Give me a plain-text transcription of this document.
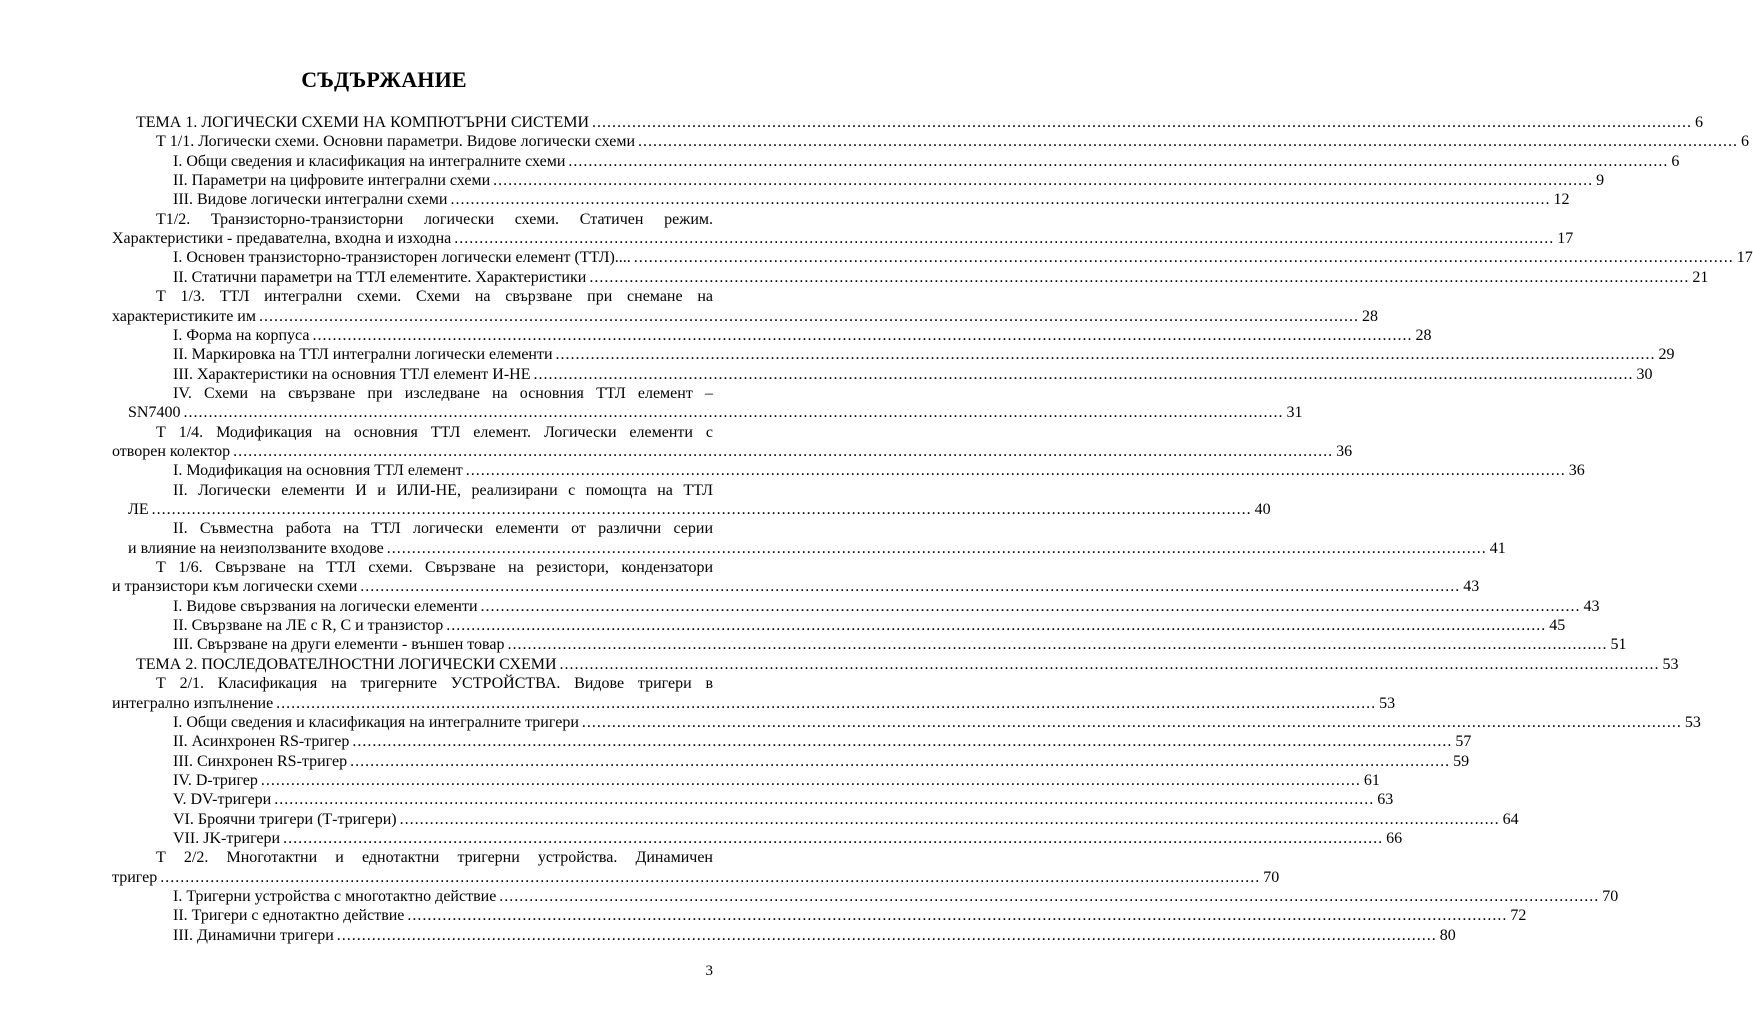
СЪДЪРЖАНИЕ
ТЕМА 1. ЛОГИЧЕСКИ СХЕМИ НА КОМПЮТЪРНИ СИСТЕМИ ............................................................................................................................................................................................................................ 6
Т 1/1. Логически схеми. Основни параметри. Видове логически схеми ............................................................................................................................................................................................................................ 6
I. Общи сведения и класификация на интегралните схеми ............................................................................................................................................................................................................................ 6
II. Параметри на цифровите интегрални схеми ............................................................................................................................................................................................................................ 9
III. Видове логически интегрални схеми ............................................................................................................................................................................................................................ 12
Т1/2. Транзисторно-транзисторни логически схеми. Статичен режим.
Характеристики - предавателна, входна и изходна ............................................................................................................................................................................................................................ 17
I. Основен транзисторно-транзисторен логически елемент (ТТЛ).... ............................................................................................................................................................................................................................ 17
II. Статични параметри на ТТЛ елементите. Характеристики ............................................................................................................................................................................................................................ 21
Т 1/3. ТТЛ интегрални схеми. Схеми на свързване при снемане на
характеристиките им ............................................................................................................................................................................................................................ 28
I. Форма на корпуса ............................................................................................................................................................................................................................ 28
II. Маркировка на ТТЛ интегрални логически елементи ............................................................................................................................................................................................................................ 29
III. Характеристики на основния ТТЛ елемент И-НЕ ............................................................................................................................................................................................................................ 30
IV. Схеми на свързване при изследване на основния ТТЛ елемент –
SN7400 ............................................................................................................................................................................................................................ 31
Т 1/4. Модификация на основния ТТЛ елемент. Логически елементи с
отворен колектор ............................................................................................................................................................................................................................ 36
I. Модификация на основния ТТЛ елемент ............................................................................................................................................................................................................................ 36
II. Логически елементи И и ИЛИ-НЕ, реализирани с помощта на ТТЛ
ЛЕ ............................................................................................................................................................................................................................ 40
II. Съвместна работа на ТТЛ логически елементи от различни серии
и влияние на неизползваните входове ............................................................................................................................................................................................................................ 41
Т 1/6. Свързване на ТТЛ схеми. Свързване на резистори, кондензатори
и транзистори към логически схеми ............................................................................................................................................................................................................................ 43
I. Видове свързвания на логически елементи ............................................................................................................................................................................................................................ 43
II. Свързване на ЛЕ с R, C и транзистор ............................................................................................................................................................................................................................ 45
III. Свързване на други елементи - външен товар ............................................................................................................................................................................................................................ 51
ТЕМА 2. ПОСЛЕДОВАТЕЛНОСТНИ ЛОГИЧЕСКИ СХЕМИ ............................................................................................................................................................................................................................ 53
Т 2/1. Класификация на тригерните УСТРОЙСТВА. Видове тригери в
интегрално изпълнение ............................................................................................................................................................................................................................ 53
I. Общи сведения и класификация на интегралните тригери ............................................................................................................................................................................................................................ 53
II. Асинхронен RS-тригер ............................................................................................................................................................................................................................ 57
III. Синхронен RS-тригер ............................................................................................................................................................................................................................ 59
IV. D-тригер ............................................................................................................................................................................................................................ 61
V. DV-тригери ............................................................................................................................................................................................................................ 63
VI. Броячни тригери (Т-тригери) ............................................................................................................................................................................................................................ 64
VII. JK-тригери ............................................................................................................................................................................................................................ 66
Т 2/2. Многотактни и еднотактни тригерни устройства. Динамичен
тригер ............................................................................................................................................................................................................................ 70
I. Тригерни устройства с многотактно действие ............................................................................................................................................................................................................................ 70
II. Тригери с еднотактно действие ............................................................................................................................................................................................................................ 72
III. Динамични тригери ............................................................................................................................................................................................................................ 80
3
